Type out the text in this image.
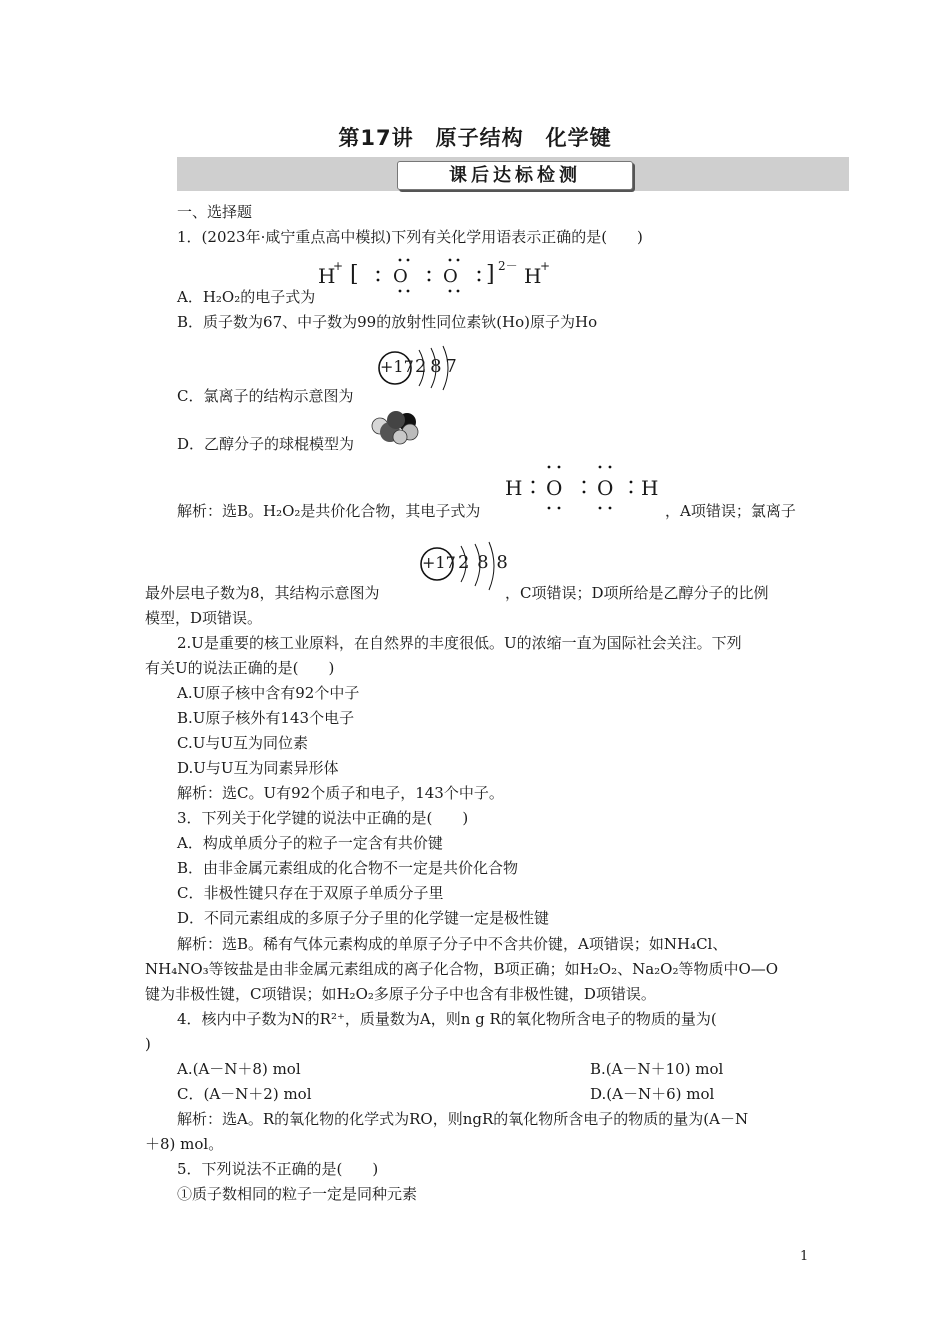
第17讲　原子结构　化学键
课后达标检测
一、选择题
1．(2023年·咸宁重点高中模拟)下列有关化学用语表示正确的是(　　)
H
+ [ O O ] 2－ H
+
A．H₂O₂的电子式为
B．质子数为67、中子数为99的放射性同位素钬(Ho)原子为Ho
+17 2 8 7
C．氯离子的结构示意图为
D．乙醇分子的球棍模型为
H O O H
解析：选B。H₂O₂是共价化合物，其电子式为	，A项错误；氯离子
+17 2 8 8
最外层电子数为8，其结构示意图为	，C项错误；D项所给是乙醇分子的比例
模型，D项错误。
2.U是重要的核工业原料，在自然界的丰度很低。U的浓缩一直为国际社会关注。下列
有关U的说法正确的是(　　)
A.U原子核中含有92个中子
B.U原子核外有143个电子
C.U与U互为同位素
D.U与U互为同素异形体
解析：选C。U有92个质子和电子，143个中子。
3．下列关于化学键的说法中正确的是(　　)
A．构成单质分子的粒子一定含有共价键
B．由非金属元素组成的化合物不一定是共价化合物
C．非极性键只存在于双原子单质分子里
D．不同元素组成的多原子分子里的化学键一定是极性键
解析：选B。稀有气体元素构成的单原子分子中不含共价键，A项错误；如NH₄Cl、
NH₄NO₃等铵盐是由非金属元素组成的离子化合物，B项正确；如H₂O₂、Na₂O₂等物质中O—O
键为非极性键，C项错误；如H₂O₂多原子分子中也含有非极性键，D项错误。
4．核内中子数为N的R²⁺，质量数为A，则n g R的氧化物所含电子的物质的量为(
)
A.(A－N＋8) mol	B.(A－N＋10) mol
C．(A－N＋2) mol	D.(A－N＋6) mol
解析：选A。R的氧化物的化学式为RO，则ngR的氧化物所含电子的物质的量为(A－N
＋8) mol。
5．下列说法不正确的是(　　)
①质子数相同的粒子一定是同种元素
1
